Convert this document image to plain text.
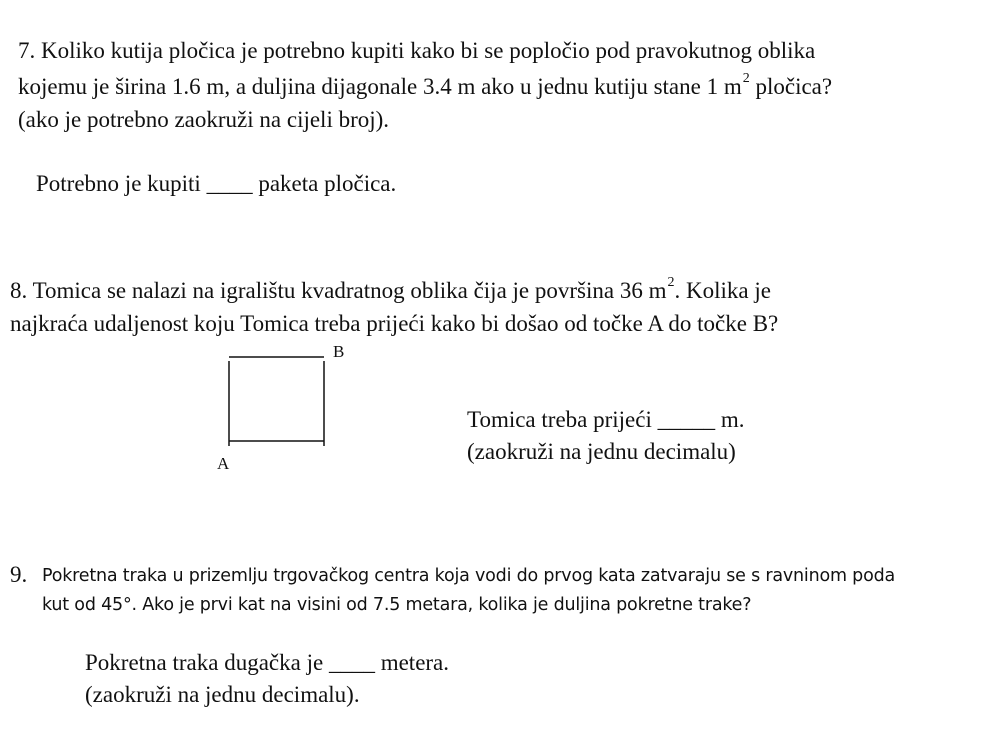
7. Koliko kutija pločica je potrebno kupiti kako bi se popločio pod pravokutnog oblika
kojemu je širina 1.6 m, a duljina dijagonale 3.4 m ako u jednu kutiju stane 1 $m^2$ pločica?
(ako je potrebno zaokruži na cijeli broj).
Potrebno je kupiti ____ paketa pločica.
8. Tomica se nalazi na igralištu kvadratnog oblika čija je površina 36 $m^2$. Kolika je
najkraća udaljenost koju Tomica treba prijeći kako bi došao od točke A do točke B?
B
A
Tomica treba prijeći _____ m.
(zaokruži na jednu decimalu)
9. Pokretna traka u prizemlju trgovačkog centra koja vodi do prvog kata zatvaraju se s ravninom poda
kut od 45°. Ako je prvi kat na visini od 7.5 metara, kolika je duljina pokretne trake?
Pokretna traka dugačka je ____ metera.
(zaokruži na jednu decimalu).
